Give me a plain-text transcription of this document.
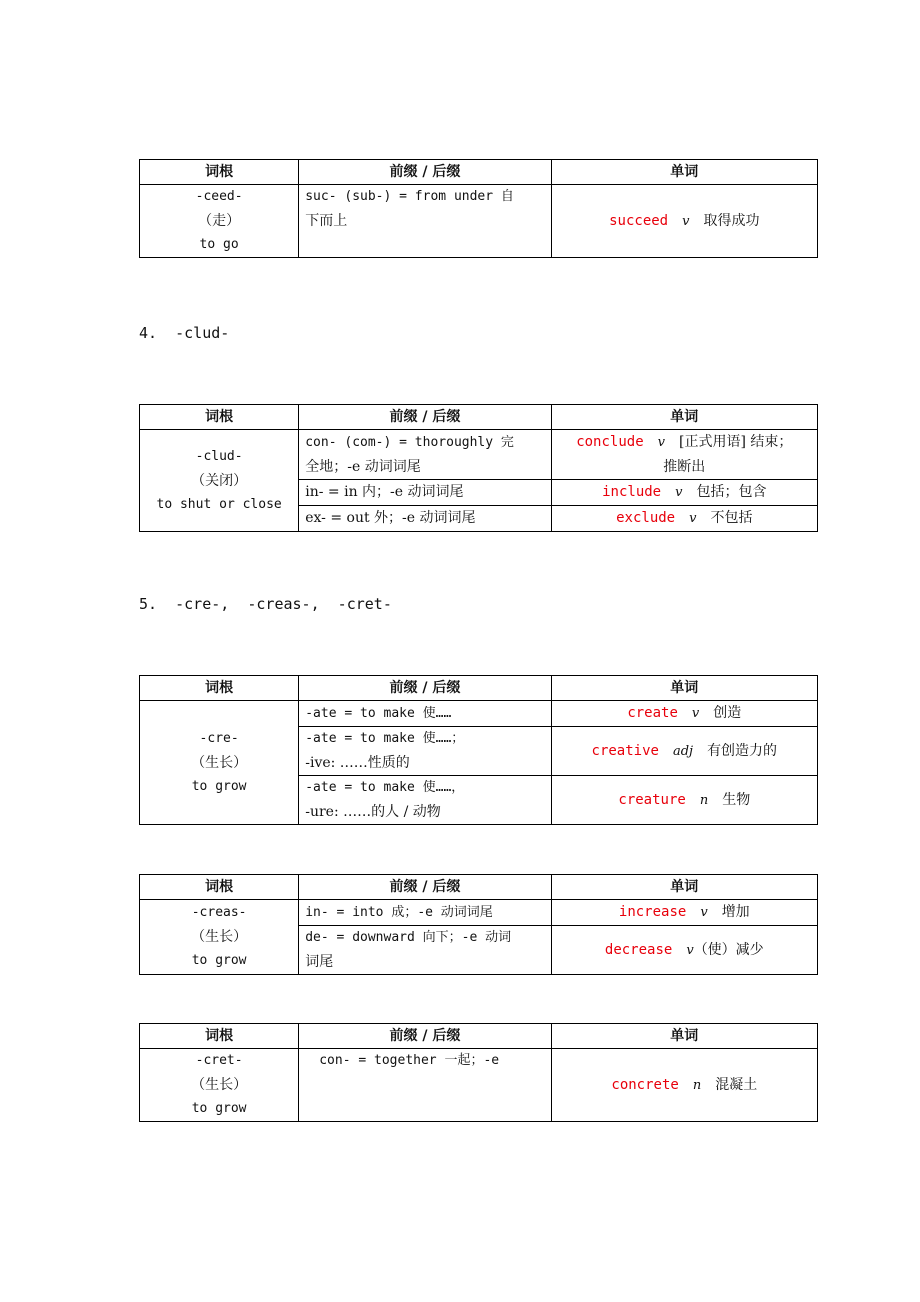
词根	前缀 / 后缀	单词

-ceed-
（走）
to go	suc- (sub-) = from under 自
下而上	succeed v 取得成功
4.  -clud-
词根	前缀 / 后缀	单词

-clud-
（关闭）
to shut or close	con- (com-) = thoroughly 完
全地；-e 动词词尾	conclude v [正式用语] 结束；
推断出

	in- = in 内；-e 动词词尾	include v 包括；包含
	ex- = out 外；-e 动词词尾	exclude v 不包括
5.  -cre-,  -creas-,  -cret-
词根	前缀 / 后缀	单词

-cre-
（生长）
to grow	-ate = to make 使……	create v 创造

	-ate = to make 使……；
-ive: ……性质的	creative adj 有创造力的

	-ate = to make 使……，
-ure: ……的人 / 动物	creature n 生物
词根	前缀 / 后缀	单词

-creas-
（生长）
to grow	in- = into 成；-e 动词词尾	increase v 增加

	de- = downward 向下；-e 动词
词尾	decrease v（使）减少
词根	前缀 / 后缀	单词

-cret-
（生长）
to grow	con- = together 一起；-e	concrete n 混凝土
